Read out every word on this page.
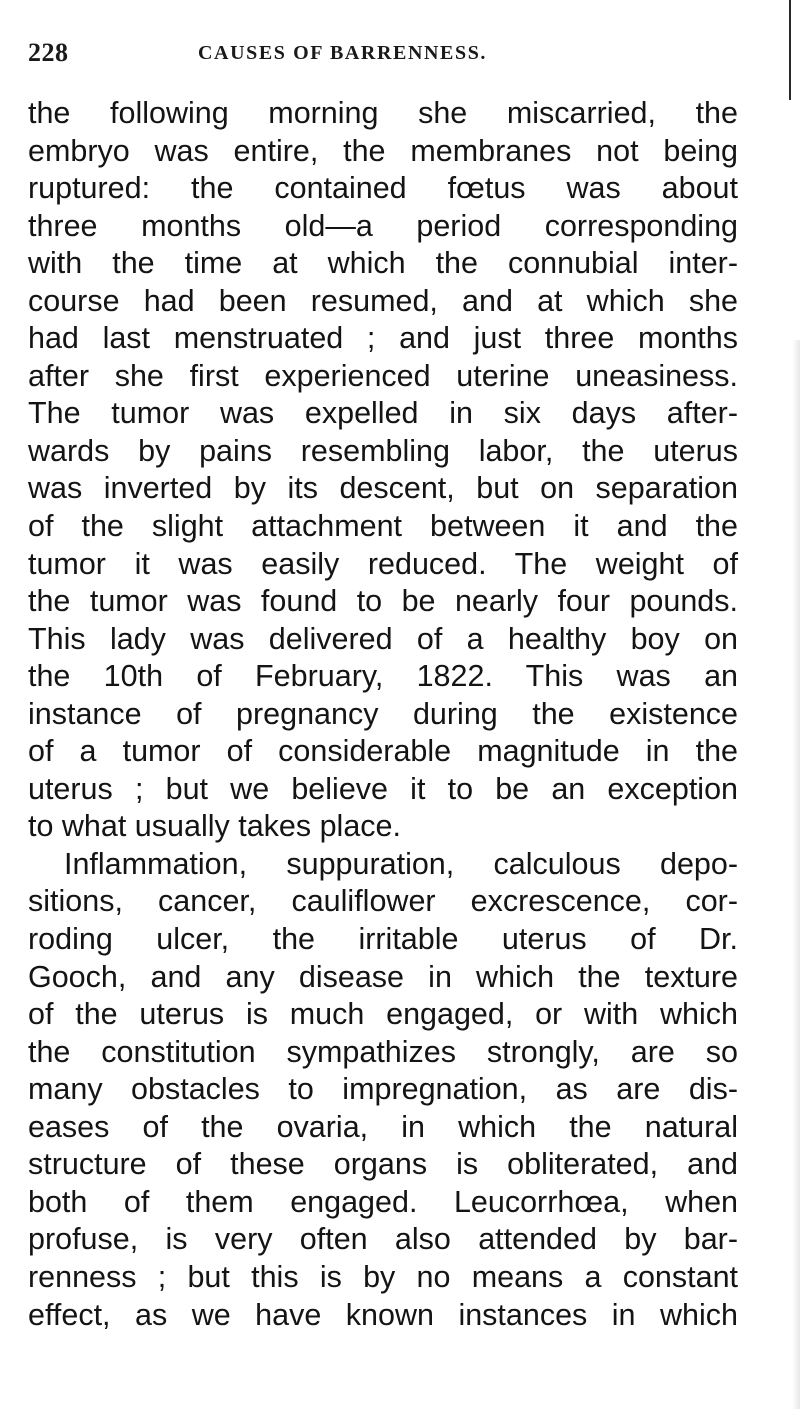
228	CAUSES OF BARRENNESS.
the following morning she miscarried, the
embryo was entire, the membranes not being
ruptured: the contained fœtus was about
three months old—a period corresponding
with the time at which the connubial inter-
course had been resumed, and at which she
had last menstruated ; and just three months
after she first experienced uterine uneasiness.
The tumor was expelled in six days after-
wards by pains resembling labor, the uterus
was inverted by its descent, but on separation
of the slight attachment between it and the
tumor it was easily reduced. The weight of
the tumor was found to be nearly four pounds.
This lady was delivered of a healthy boy on
the 10th of February, 1822. This was an
instance of pregnancy during the existence
of a tumor of considerable magnitude in the
uterus ; but we believe it to be an exception
to what usually takes place.
Inflammation, suppuration, calculous depo-
sitions, cancer, cauliflower excrescence, cor-
roding ulcer, the irritable uterus of Dr.
Gooch, and any disease in which the texture
of the uterus is much engaged, or with which
the constitution sympathizes strongly, are so
many obstacles to impregnation, as are dis-
eases of the ovaria, in which the natural
structure of these organs is obliterated, and
both of them engaged. Leucorrhœa, when
profuse, is very often also attended by bar-
renness ; but this is by no means a constant
effect, as we have known instances in which
